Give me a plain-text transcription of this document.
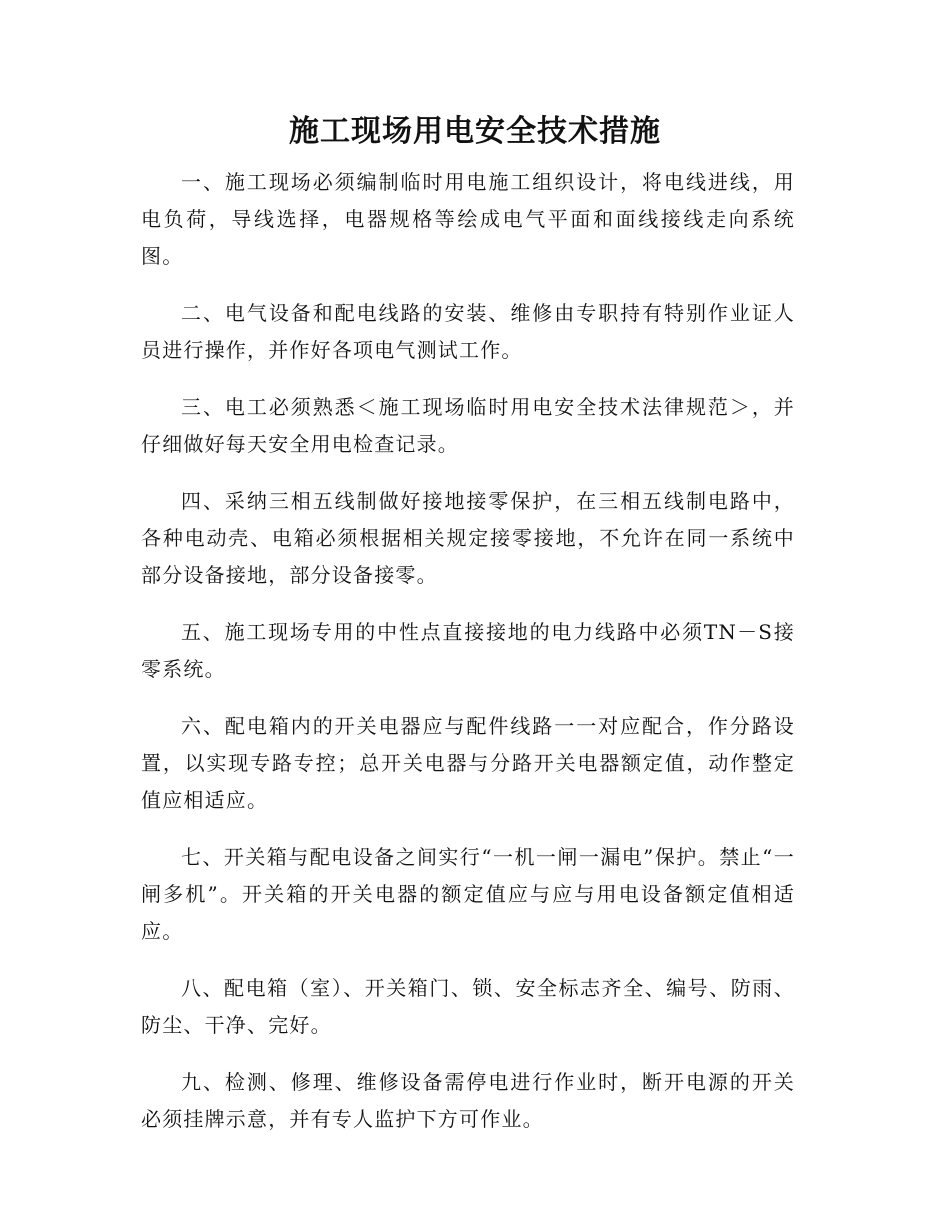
施工现场用电安全技术措施

一、施工现场必须编制临时用电施工组织设计，将电线进线，用电负荷，导线选择，电器规格等绘成电气平面和面线接线走向系统图。

二、电气设备和配电线路的安装、维修由专职持有特别作业证人员进行操作，并作好各项电气测试工作。

三、电工必须熟悉＜施工现场临时用电安全技术法律规范＞，并仔细做好每天安全用电检查记录。

四、采纳三相五线制做好接地接零保护，在三相五线制电路中，各种电动壳、电箱必须根据相关规定接零接地，不允许在同一系统中部分设备接地，部分设备接零。

五、施工现场专用的中性点直接接地的电力线路中必须TN－S接零系统。

六、配电箱内的开关电器应与配件线路一一对应配合，作分路设置，以实现专路专控；总开关电器与分路开关电器额定值，动作整定值应相适应。

七、开关箱与配电设备之间实行“一机一闸一漏电”保护。禁止“一闸多机”。开关箱的开关电器的额定值应与应与用电设备额定值相适应。

八、配电箱（室）、开关箱门、锁、安全标志齐全、编号、防雨、防尘、干净、完好。

九、检测、修理、维修设备需停电进行作业时，断开电源的开关必须挂牌示意，并有专人监护下方可作业。
